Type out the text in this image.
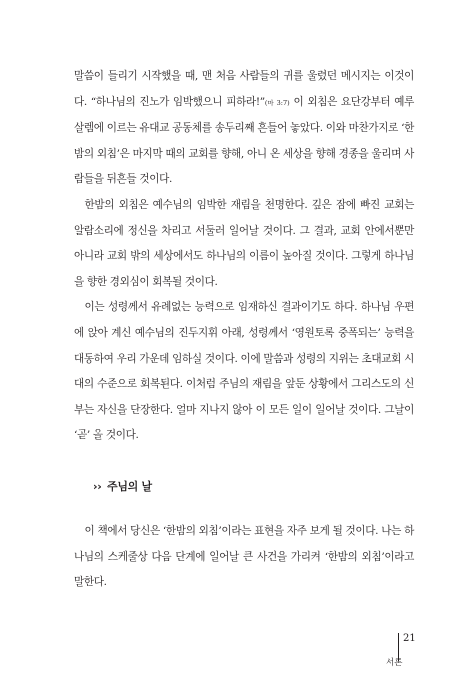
말씀이 들리기 시작했을 때, 맨 처음 사람들의 귀를 울렸던 메시지는 이것이다. “하나님의 진노가 임박했으니 피하라!”(마 3:7) 이 외침은 요단강부터 예루살렘에 이르는 유대교 공동체를 송두리째 흔들어 놓았다. 이와 마찬가지로 ‘한밤의 외침’은 마지막 때의 교회를 향해, 아니 온 세상을 향해 경종을 울리며 사람들을 뒤흔들 것이다.

한밤의 외침은 예수님의 임박한 재림을 천명한다. 깊은 잠에 빠진 교회는 알람소리에 정신을 차리고 서둘러 일어날 것이다. 그 결과, 교회 안에서뿐만 아니라 교회 밖의 세상에서도 하나님의 이름이 높아질 것이다. 그렇게 하나님을 향한 경외심이 회복될 것이다.

이는 성령께서 유례없는 능력으로 임재하신 결과이기도 하다. 하나님 우편에 앉아 계신 예수님의 진두지휘 아래, 성령께서 ‘영원토록 중폭되는’ 능력을 대동하여 우리 가운데 임하실 것이다. 이에 말씀과 성령의 지위는 초대교회 시대의 수준으로 회복된다. 이처럼 주님의 재림을 앞둔 상황에서 그리스도의 신부는 자신을 단장한다. 얼마 지나지 않아 이 모든 일이 일어날 것이다. 그날이 ‘곧’ 올 것이다.

›› 주님의 날

이 책에서 당신은 ‘한밤의 외침’이라는 표현을 자주 보게 될 것이다. 나는 하나님의 스케줄상 다음 단계에 일어날 큰 사건을 가리켜 ‘한밤의 외침’이라고 말한다.

21
서론
